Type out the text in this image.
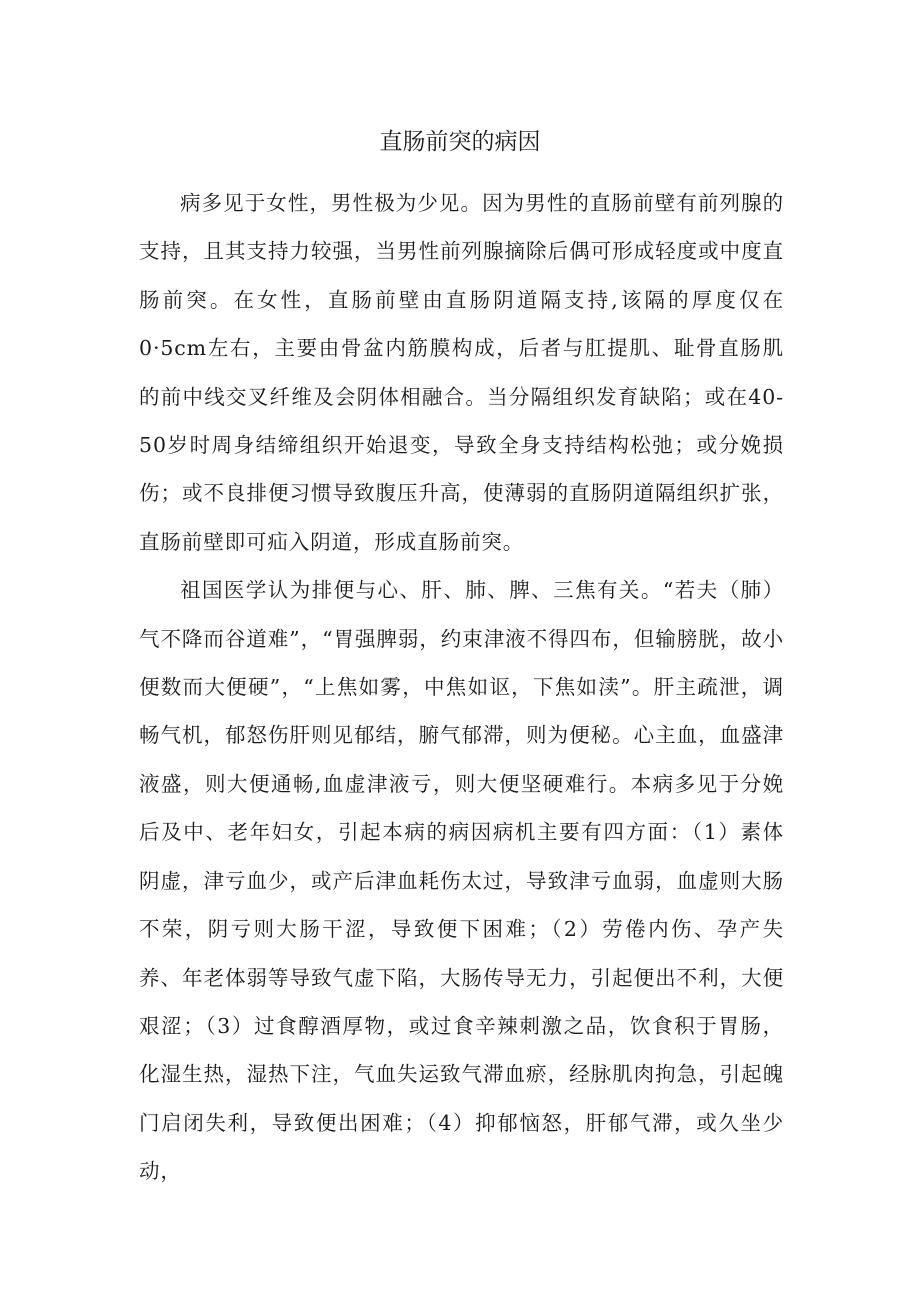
直肠前突的病因

病多见于女性，男性极为少见。因为男性的直肠前壁有前列腺的支持，且其支持力较强，当男性前列腺摘除后偶可形成轻度或中度直肠前突。在女性，直肠前壁由直肠阴道隔支持,该隔的厚度仅在0·5cm左右，主要由骨盆内筋膜构成，后者与肛提肌、耻骨直肠肌的前中线交叉纤维及会阴体相融合。当分隔组织发育缺陷；或在40-50岁时周身结缔组织开始退变，导致全身支持结构松弛；或分娩损伤；或不良排便习惯导致腹压升高，使薄弱的直肠阴道隔组织扩张，直肠前壁即可疝入阴道，形成直肠前突。

祖国医学认为排便与心、肝、肺、脾、三焦有关。“若夫（肺）气不降而谷道难”，“胃强脾弱，约束津液不得四布，但输膀胱，故小便数而大便硬”，“上焦如雾，中焦如讴，下焦如渎”。肝主疏泄，调畅气机，郁怒伤肝则见郁结，腑气郁滞，则为便秘。心主血，血盛津液盛，则大便通畅,血虚津液亏，则大便坚硬难行。本病多见于分娩后及中、老年妇女，引起本病的病因病机主要有四方面：（1）素体阴虚，津亏血少，或产后津血耗伤太过，导致津亏血弱，血虚则大肠不荣，阴亏则大肠干涩，导致便下困难；（2）劳倦内伤、孕产失养、年老体弱等导致气虚下陷，大肠传导无力，引起便出不利，大便艰涩；（3）过食醇酒厚物，或过食辛辣刺激之品，饮食积于胃肠，化湿生热，湿热下注，气血失运致气滞血瘀，经脉肌肉拘急，引起魄门启闭失利，导致便出困难；（4）抑郁恼怒，肝郁气滞，或久坐少动，
